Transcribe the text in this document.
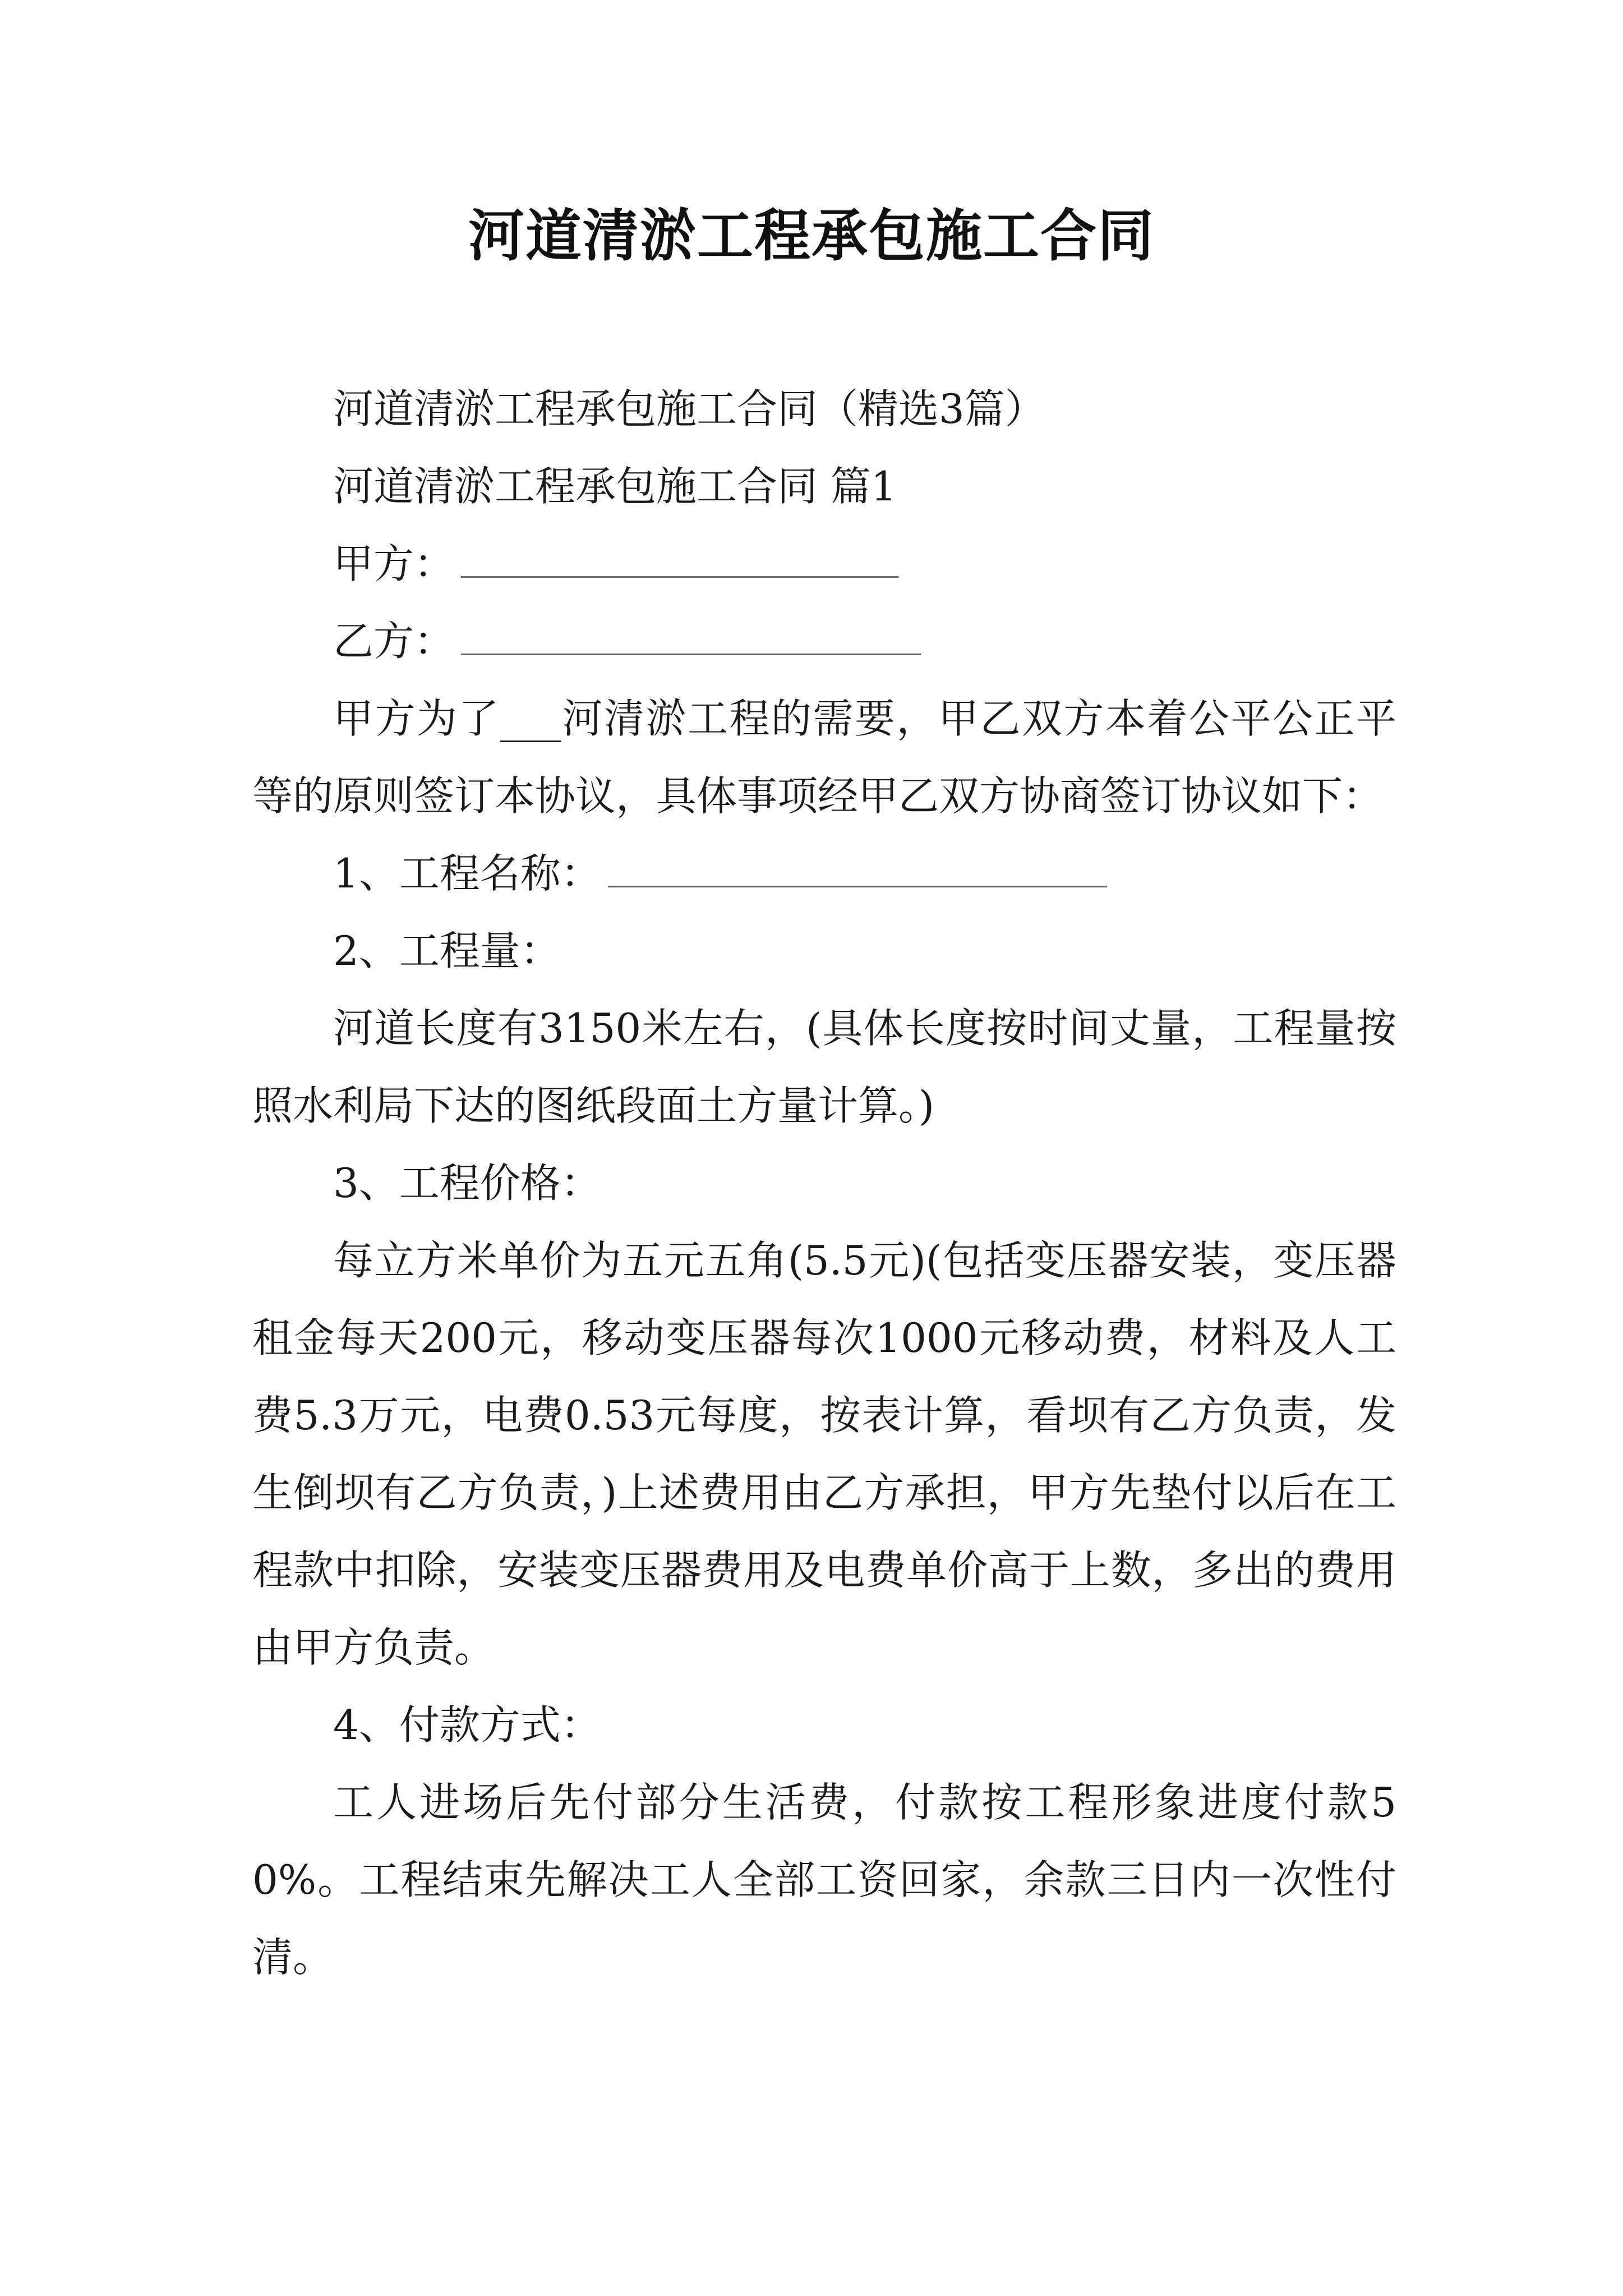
河道清淤工程承包施工合同

河道清淤工程承包施工合同（精选3篇）

河道清淤工程承包施工合同 篇1

甲方：

乙方：

甲方为了___河清淤工程的需要，甲乙双方本着公平公正平等的原则签订本协议，具体事项经甲乙双方协商签订协议如下：

1、工程名称：

2、工程量：

河道长度有3150米左右，(具体长度按时间丈量，工程量按照水利局下达的图纸段面土方量计算。)

3、工程价格：

每立方米单价为五元五角(5.5元)(包括变压器安装，变压器租金每天200元，移动变压器每次1000元移动费，材料及人工费5.3万元，电费0.53元每度，按表计算，看坝有乙方负责，发生倒坝有乙方负责，)上述费用由乙方承担，甲方先垫付以后在工程款中扣除，安装变压器费用及电费单价高于上数，多出的费用由甲方负责。

4、付款方式：

工人进场后先付部分生活费，付款按工程形象进度付款50%。工程结束先解决工人全部工资回家，余款三日内一次性付清。
